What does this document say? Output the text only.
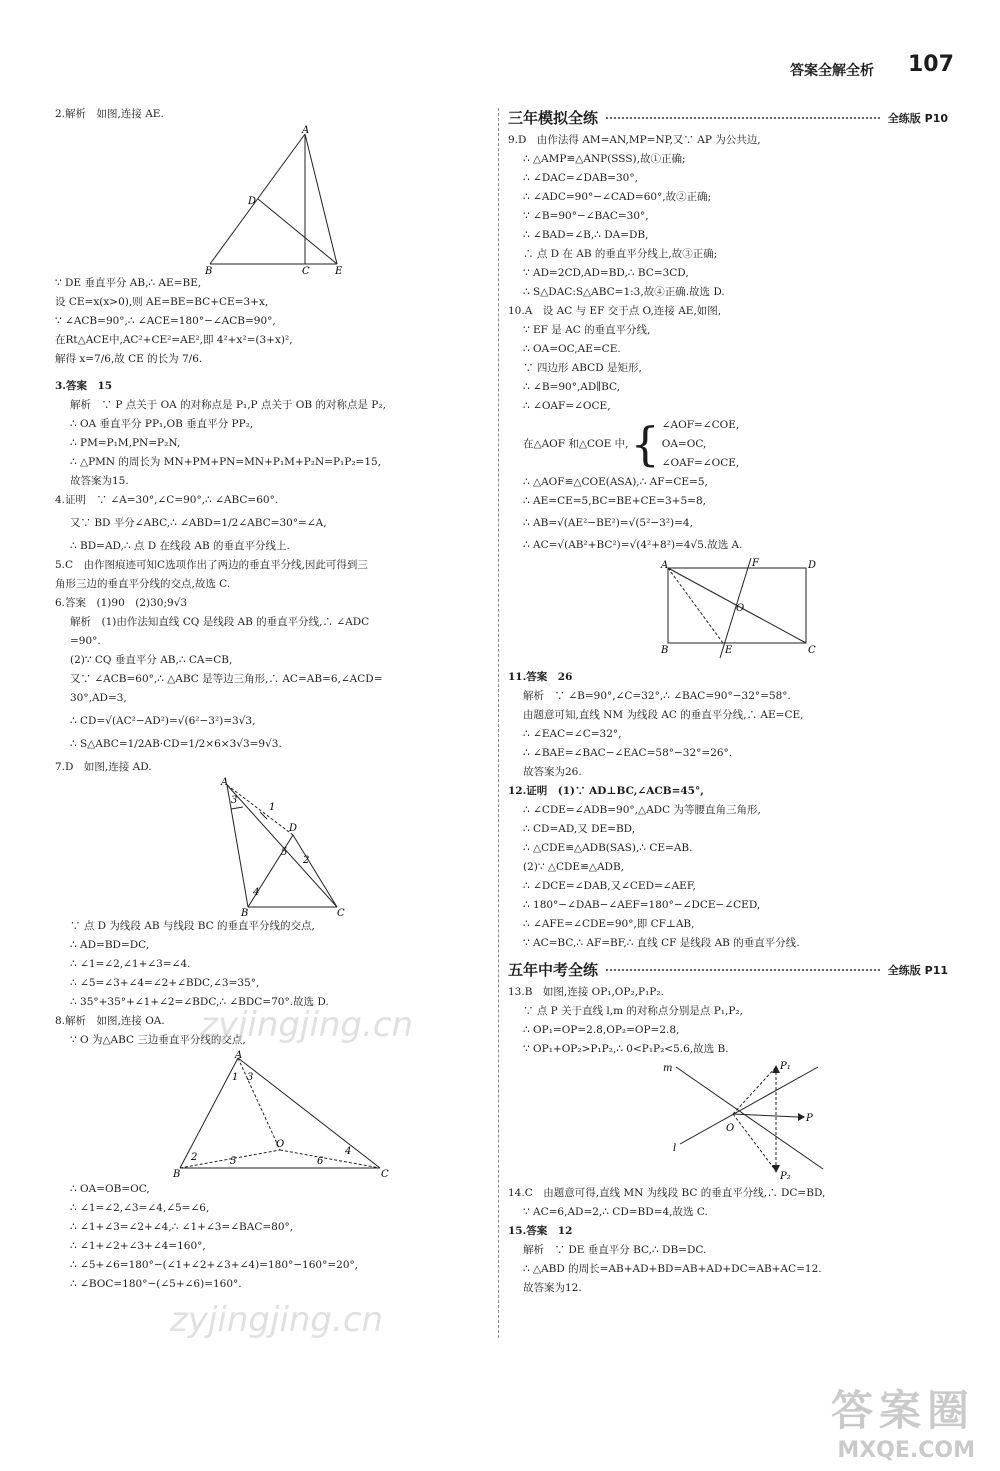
答案全解全析 107
2.解析　如图,连接 AE.
A
D
B	C	E
∵ DE 垂直平分 AB,∴ AE=BE,
设 CE=x(x>0),则 AE=BE=BC+CE=3+x,
∵ ∠ACB=90°,∴ ∠ACE=180°−∠ACB=90°,
在Rt△ACE中,AC²+CE²=AE²,即 4²+x²=(3+x)²,
解得 x=7/6,故 CE 的长为 7/6.
3.答案　15
解析　∵ P 点关于 OA 的对称点是 P₁,P 点关于 OB 的对称点是 P₂,
∴ OA 垂直平分 PP₁,OB 垂直平分 PP₂,
∴ PM=P₁M,PN=P₂N,
∴ △PMN 的周长为 MN+PM+PN=MN+P₁M+P₂N=P₁P₂=15,
故答案为15.
4.证明　∵ ∠A=30°,∠C=90°,∴ ∠ABC=60°.
又∵ BD 平分∠ABC,∴ ∠ABD=1/2∠ABC=30°=∠A,
∴ BD=AD,∴ 点 D 在线段 AB 的垂直平分线上.
5.C　由作图痕迹可知C选项作出了两边的垂直平分线,因此可得到三
角形三边的垂直平分线的交点,故选 C.
6.答案　(1)90　(2)30;9√3
解析　(1)由作法知直线 CQ 是线段 AB 的垂直平分线,∴ ∠ADC
=90°.
(2)∵ CQ 垂直平分 AB,∴ CA=CB,
又∵ ∠ACB=60°,∴ △ABC 是等边三角形,∴ AC=AB=6,∠ACD=
30°,AD=3,
∴ CD=√(AC²−AD²)=√(6²−3²)=3√3,
∴ S△ABC=1/2AB·CD=1/2×6×3√3=9√3.
7.D　如图,连接 AD.
A
D
B	C
3
1
2
4
5
∵ 点 D 为线段 AB 与线段 BC 的垂直平分线的交点,
∴ AD=BD=DC,
∴ ∠1=∠2,∠1+∠3=∠4.
∴ ∠5=∠3+∠4=∠2+∠BDC,∠3=35°,
∴ 35°+35°+∠1+∠2=∠BDC,∴ ∠BDC=70°.故选 D.
8.解析　如图,连接 OA.
∵ O 为△ABC 三边垂直平分线的交点,
A
B	C
O
1 3
2	5	6
4
∴ OA=OB=OC,
∴ ∠1=∠2,∠3=∠4,∠5=∠6,
∴ ∠1+∠3=∠2+∠4,∴ ∠1+∠3=∠BAC=80°,
∴ ∠1+∠2+∠3+∠4=160°,
∴ ∠5+∠6=180°−(∠1+∠2+∠3+∠4)=180°−160°=20°,
∴ ∠BOC=180°−(∠5+∠6)=160°.
三年模拟全练	全练版 P10
9.D　由作法得 AM=AN,MP=NP,又∵ AP 为公共边,
∴ △AMP≌△ANP(SSS),故①正确;
∴ ∠DAC=∠DAB=30°,
∴ ∠ADC=90°−∠CAD=60°,故②正确;
∵ ∠B=90°−∠BAC=30°,
∴ ∠BAD=∠B,∴ DA=DB,
∴ 点 D 在 AB 的垂直平分线上,故③正确;
∵ AD=2CD,AD=BD,∴ BC=3CD,
∴ S△DAC:S△ABC=1:3,故④正确.故选 D.
10.A　设 AC 与 EF 交于点 O,连接 AE,如图,
∵ EF 是 AC 的垂直平分线,
∴ OA=OC,AE=CE.
∵ 四边形 ABCD 是矩形,
∴ ∠B=90°,AD∥BC,
∴ ∠OAF=∠OCE,
在△AOF 和△COE 中, { ∠AOF=∠COE,
OA=OC,
∠OAF=∠OCE,
∴ △AOF≌△COE(ASA),∴ AF=CE=5,
∴ AE=CE=5,BC=BE+CE=3+5=8,
∴ AB=√(AE²−BE²)=√(5²−3²)=4,
∴ AC=√(AB²+BC²)=√(4²+8²)=4√5.故选 A.
A	F	D
O
B	E	C
11.答案　26
解析　∵ ∠B=90°,∠C=32°,∴ ∠BAC=90°−32°=58°.
由题意可知,直线 NM 为线段 AC 的垂直平分线,∴ AE=CE,
∴ ∠EAC=∠C=32°,
∴ ∠BAE=∠BAC−∠EAC=58°−32°=26°.
故答案为26.
12.证明　(1)∵ AD⊥BC,∠ACB=45°,
∴ ∠CDE=∠ADB=90°,△ADC 为等腰直角三角形,
∴ CD=AD,又 DE=BD,
∴ △CDE≌△ADB(SAS),∴ CE=AB.
(2)∵ △CDE≌△ADB,
∴ ∠DCE=∠DAB,又∠CED=∠AEF,
∴ 180°−∠DAB−∠AEF=180°−∠DCE−∠CED,
∴ ∠AFE=∠CDE=90°,即 CF⊥AB,
∵ AC=BC,∴ AF=BF,∴ 直线 CF 是线段 AB 的垂直平分线.
五年中考全练	全练版 P11
13.B　如图,连接 OP₁,OP₂,P₁P₂.
∵ 点 P 关于直线 l,m 的对称点分别是点 P₁,P₂,
∴ OP₁=OP=2.8,OP₂=OP=2.8,
∵ OP₁+OP₂>P₁P₂,∴ 0<P₁P₂<5.6,故选 B.
m
l
O
P
P₁
P₂
14.C　由题意可得,直线 MN 为线段 BC 的垂直平分线,∴ DC=BD,
∵ AC=6,AD=2,∴ CD=BD=4,故选 C.
15.答案　12
解析　∵ DE 垂直平分 BC,∴ DB=DC.
∴ △ABD 的周长=AB+AD+BD=AB+AD+DC=AB+AC=12.
故答案为12.
zyjingjing.cn
zyjingjing.cn
答案圈
MXQE.COM
